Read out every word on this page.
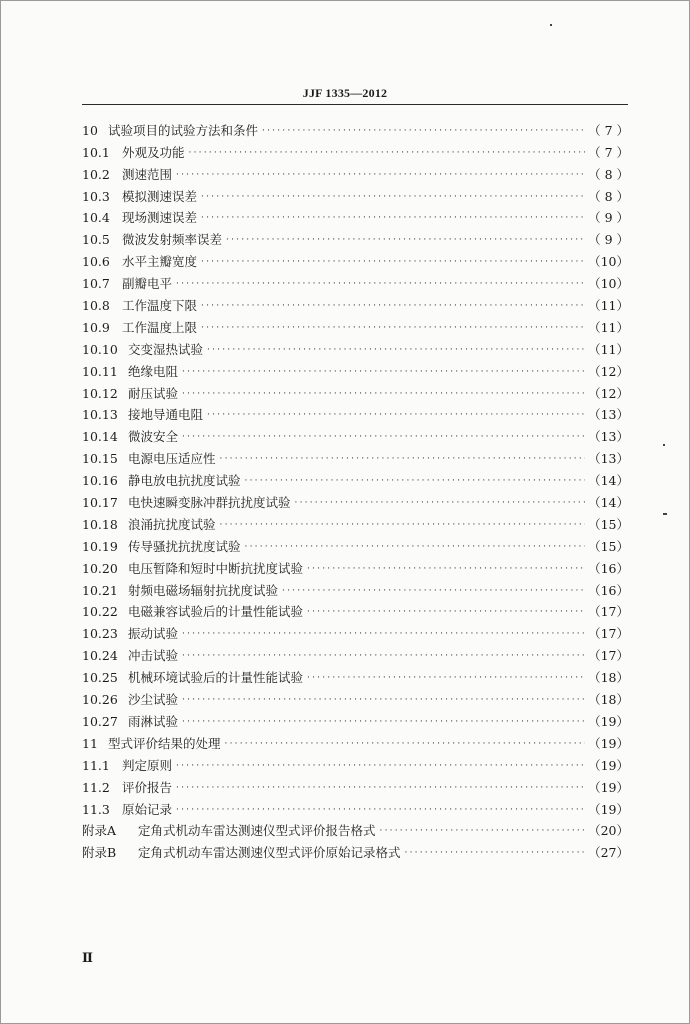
JJF 1335—2012
10 试验项目的试验方法和条件 ·····	（ 7 ）
10.1 外观及功能 ·····	（ 7 ）
10.2 测速范围 ·····	（ 8 ）
10.3 模拟测速误差 ·····	（ 8 ）
10.4 现场测速误差 ·····	（ 9 ）
10.5 微波发射频率误差 ·····	（ 9 ）
10.6 水平主瓣宽度 ·····	（10）
10.7 副瓣电平 ·····	（10）
10.8 工作温度下限 ·····	（11）
10.9 工作温度上限 ·····	（11）
10.10 交变湿热试验 ·····	（11）
10.11 绝缘电阻 ·····	（12）
10.12 耐压试验 ·····	（12）
10.13 接地导通电阻 ·····	（13）
10.14 微波安全 ·····	（13）
10.15 电源电压适应性 ·····	（13）
10.16 静电放电抗扰度试验 ·····	（14）
10.17 电快速瞬变脉冲群抗扰度试验 ·····	（14）
10.18 浪涌抗扰度试验 ·····	（15）
10.19 传导骚扰抗扰度试验 ·····	（15）
10.20 电压暂降和短时中断抗扰度试验 ·····	（16）
10.21 射频电磁场辐射抗扰度试验 ·····	（16）
10.22 电磁兼容试验后的计量性能试验 ·····	（17）
10.23 振动试验 ·····	（17）
10.24 冲击试验 ·····	（17）
10.25 机械环境试验后的计量性能试验 ·····	（18）
10.26 沙尘试验 ·····	（18）
10.27 雨淋试验 ·····	（19）
11 型式评价结果的处理 ·····	（19）
11.1 判定原则 ·····	（19）
11.2 评价报告 ·····	（19）
11.3 原始记录 ·····	（19）
附录A	定角式机动车雷达测速仪型式评价报告格式 ·····	（20）
附录B	定角式机动车雷达测速仪型式评价原始记录格式 ·····	（27）
Ⅱ
